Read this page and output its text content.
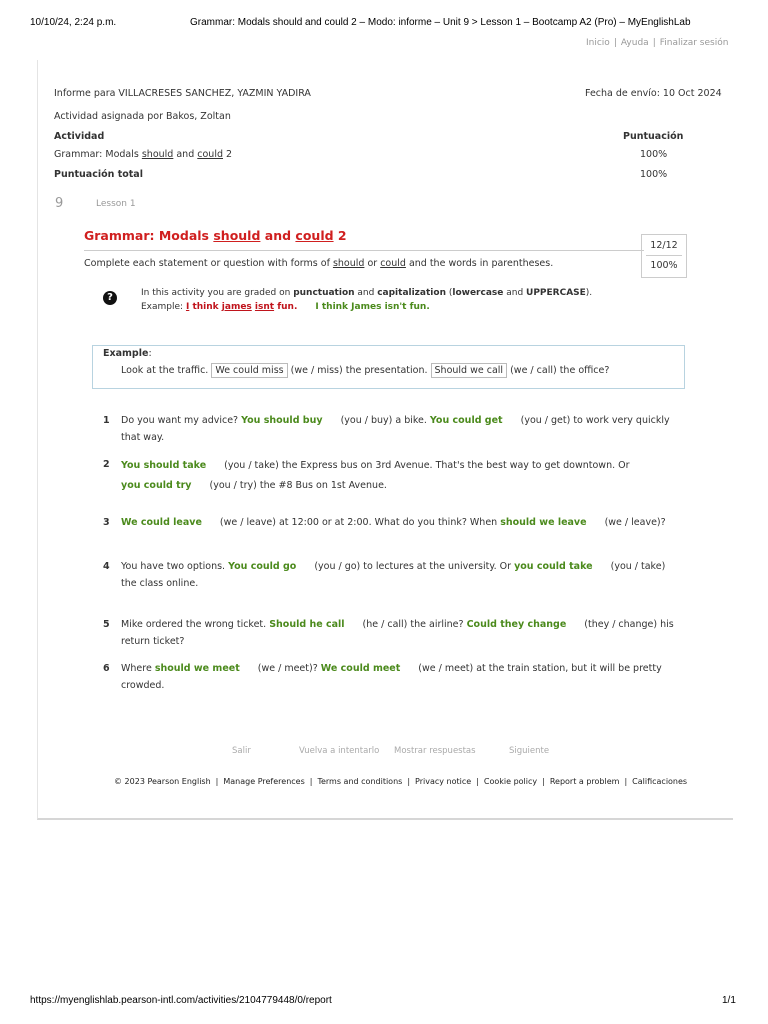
10/10/24, 2:24 p.m.	Grammar: Modals should and could 2 – Modo: informe – Unit 9 > Lesson 1 – Bootcamp A2 (Pro) – MyEnglishLab
Inicio | Ayuda | Finalizar sesión
Informe para VILLACRESES SANCHEZ, YAZMIN YADIRA	Fecha de envío: 10 Oct 2024
Actividad asignada por Bakos, Zoltan
Actividad	Puntuación
Grammar: Modals should and could 2	100%
Puntuación total	100%
9	Lesson 1
Grammar: Modals should and could 2
12/12
100%
Complete each statement or question with forms of should or could and the words in parentheses.
?	In this activity you are graded on punctuation and capitalization (lowercase and UPPERCASE).
Example: I think james isnt fun. I think James isn't fun.
Example:
Look at the traffic. We could miss (we / miss) the presentation. Should we call (we / call) the office?
1 Do you want my advice? You should buy (you / buy) a bike. You could get (you / get) to work very quickly that way.
2 You should take (you / take) the Express bus on 3rd Avenue. That's the best way to get downtown. Or
you could try (you / try) the #8 Bus on 1st Avenue.
3 We could leave (we / leave) at 12:00 or at 2:00. What do you think? When should we leave (we / leave)?
4 You have two options. You could go (you / go) to lectures at the university. Or you could take (you / take) the class online.
5 Mike ordered the wrong ticket. Should he call (he / call) the airline? Could they change (they / change) his return ticket?
6 Where should we meet (we / meet)? We could meet (we / meet) at the train station, but it will be pretty crowded.
Salir	Vuelva a intentarlo Mostrar respuestas	Siguiente
© 2023 Pearson English | Manage Preferences | Terms and conditions | Privacy notice | Cookie policy | Report a problem | Calificaciones
https://myenglishlab.pearson-intl.com/activities/2104779448/0/report	1/1
